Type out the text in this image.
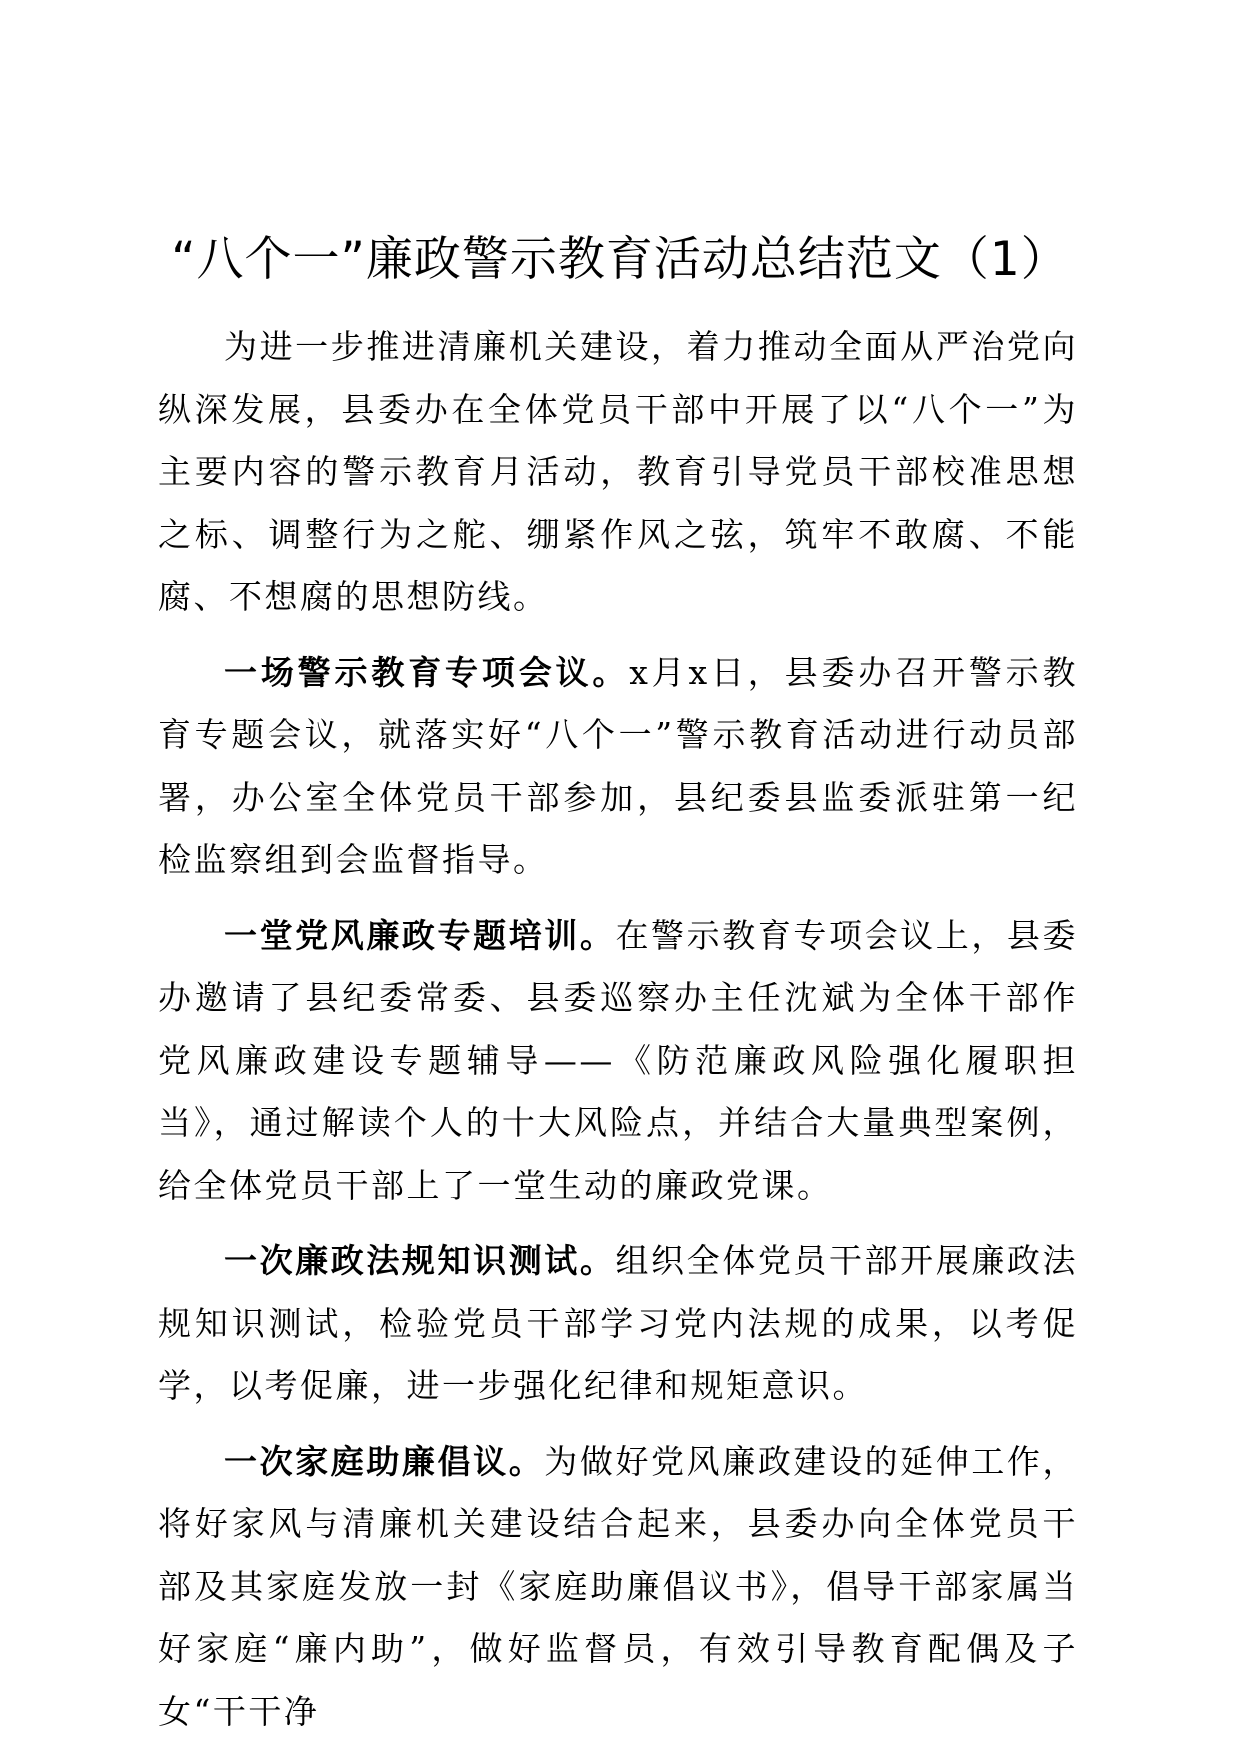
“八个一”廉政警示教育活动总结范文（1）

为进一步推进清廉机关建设，着力推动全面从严治党向纵深发展，县委办在全体党员干部中开展了以“八个一”为主要内容的警示教育月活动，教育引导党员干部校准思想之标、调整行为之舵、绷紧作风之弦，筑牢不敢腐、不能腐、不想腐的思想防线。

一场警示教育专项会议。x月x日，县委办召开警示教育专题会议，就落实好“八个一”警示教育活动进行动员部署，办公室全体党员干部参加，县纪委县监委派驻第一纪检监察组到会监督指导。

一堂党风廉政专题培训。在警示教育专项会议上，县委办邀请了县纪委常委、县委巡察办主任沈斌为全体干部作党风廉政建设专题辅导——《防范廉政风险强化履职担当》，通过解读个人的十大风险点，并结合大量典型案例，给全体党员干部上了一堂生动的廉政党课。

一次廉政法规知识测试。组织全体党员干部开展廉政法规知识测试，检验党员干部学习党内法规的成果，以考促学，以考促廉，进一步强化纪律和规矩意识。

一次家庭助廉倡议。为做好党风廉政建设的延伸工作，将好家风与清廉机关建设结合起来，县委办向全体党员干部及其家庭发放一封《家庭助廉倡议书》，倡导干部家属当好家庭“廉内助”，做好监督员，有效引导教育配偶及子女“干干净
